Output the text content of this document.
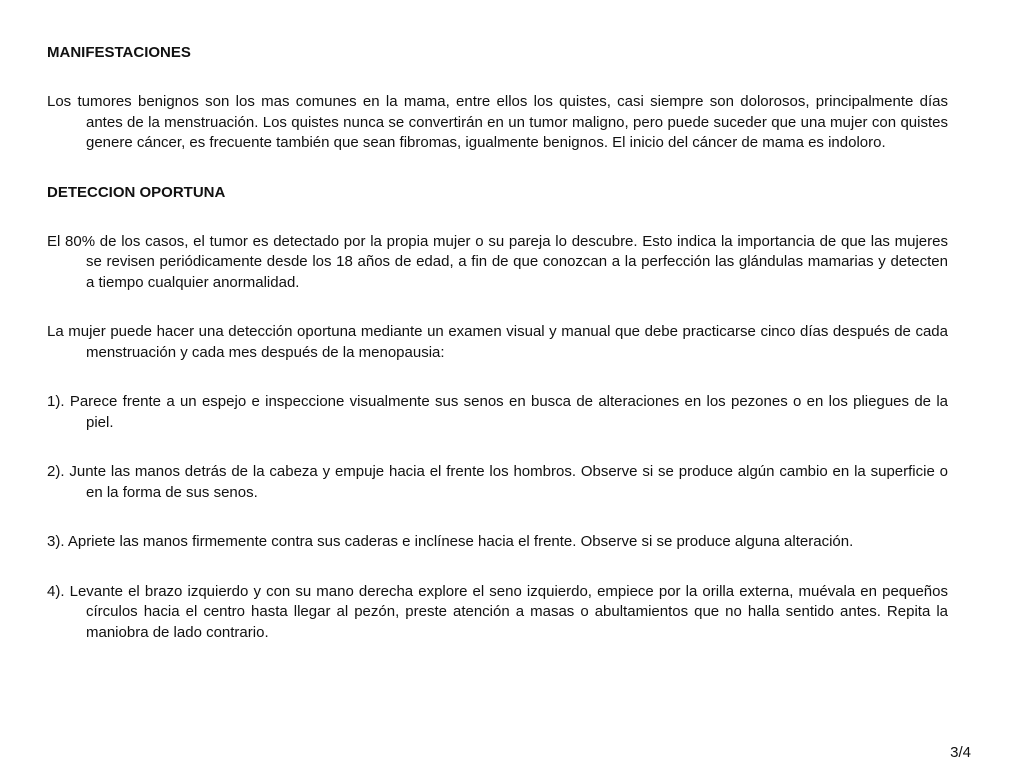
MANIFESTACIONES

Los tumores benignos son los mas comunes en la mama, entre ellos los quistes, casi siempre son dolorosos, principalmente días antes de la menstruación. Los quistes nunca se convertirán en un tumor maligno, pero puede suceder que una mujer con quistes genere cáncer, es frecuente también que sean fibromas, igualmente benignos. El inicio del cáncer de mama es indoloro.

DETECCION OPORTUNA

El 80% de los casos, el tumor es detectado por la propia mujer o su pareja lo descubre. Esto indica la importancia de que las mujeres se revisen periódicamente desde los 18 años de edad, a fin de que conozcan a la perfección las glándulas mamarias y detecten a tiempo cualquier anormalidad.

La mujer puede hacer una detección oportuna mediante un examen visual y manual que debe practicarse cinco días después de cada menstruación y cada mes después de la menopausia:

1). Parece frente a un espejo e inspeccione visualmente sus senos en busca de alteraciones en los pezones o en los pliegues de la piel.

2). Junte las manos detrás de la cabeza y empuje hacia el frente los hombros. Observe si se produce algún cambio en la superficie o en la forma de sus senos.

3). Apriete las manos firmemente contra sus caderas e inclínese hacia el frente. Observe si se produce alguna alteración.

4). Levante el brazo izquierdo y con su mano derecha explore el seno izquierdo, empiece por la orilla externa, muévala en pequeños círculos hacia el centro hasta llegar al pezón, preste atención a masas o abultamientos que no halla sentido antes. Repita la maniobra de lado contrario.

3/4
